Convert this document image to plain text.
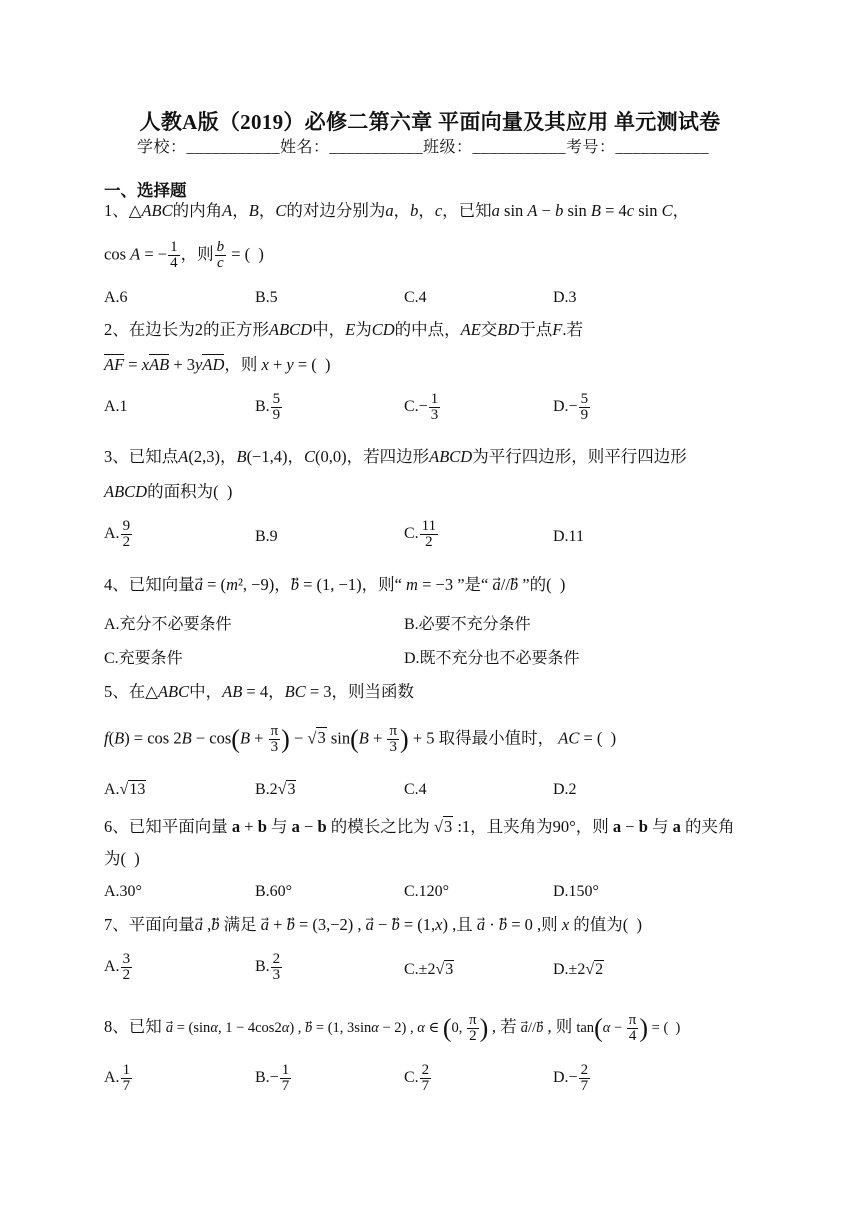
人教A版（2019）必修二第六章 平面向量及其应用 单元测试卷
学校：___________姓名：___________班级：___________考号：___________
一、选择题
1、△ABC的内角A，B，C的对边分别为a，b，c，已知a sin A − b sin B = 4c sin C，
cos A = − $\frac{1}{4}$ ，则 $\frac{b}{c}$ = (  )
A.6	B.5	C.4	D.3
2、在边长为2的正方形ABCD中，E为CD的中点，AE交BD于点F.若
AF = xAB + 3yAD，则 x + y = (  )
A.1	B. $\frac{5}{9}$	$C.- \frac{1}{3}$	$D.- \frac{5}{9}$
3、已知点A(2,3)，B(−1,4)，C(0,0)，若四边形ABCD为平行四边形，则平行四边形
ABCD的面积为(  )
A. $\frac{9}{2}$	B.9	C. $\frac{11}{2}$	D.11
4、已知向量a⃗ = (m², −9)，b⃗ = (1, −1)，则“ m = −3 ”是“ a⃗//b⃗ ”的(  )
A.充分不必要条件	B.必要不充分条件
C.充要条件	D.既不充分也不必要条件
5、在△ABC中，AB = 4，BC = 3，则当函数
$f(B) = \cos 2B - \cos(B + \frac{\pi}{3}$ ) − √3 $\sin(B + \frac{\pi}{3}$ ) + 5 取得最小值时， AC = (  )
A.√13	B.2√3	C.4	D.2
6、已知平面向量 a + b 与 a − b 的模长之比为 √3 :1，且夹角为90°，则 a − b 与 a 的夹角
为(  )
A.30°	B.60°	C.120°	D.150°
7、平面向量a⃗ ,b⃗ 满足 a⃗ + b⃗ = (3,−2) , a⃗ − b⃗ = (1,x) ,且 a⃗ · b⃗ = 0 ,则 x 的值为(  )
A. $\frac{3}{2}$	B. $\frac{2}{3}$	C.±2√3	D.±2√2
8、已知 a⃗ = (sinα, 1 − 4cos2α) , b⃗ = (1, 3sinα − 2) , α ∈ (0, $\frac{\pi}{2}$ ) , 若 a⃗//b , 则 $\tan(\alpha - \frac{\pi}{4}$ ) = (  )
A. $\frac{1}{7}$	$B.- \frac{1}{7}$	C. $\frac{2}{7}$	$D.- \frac{2}{7}$
